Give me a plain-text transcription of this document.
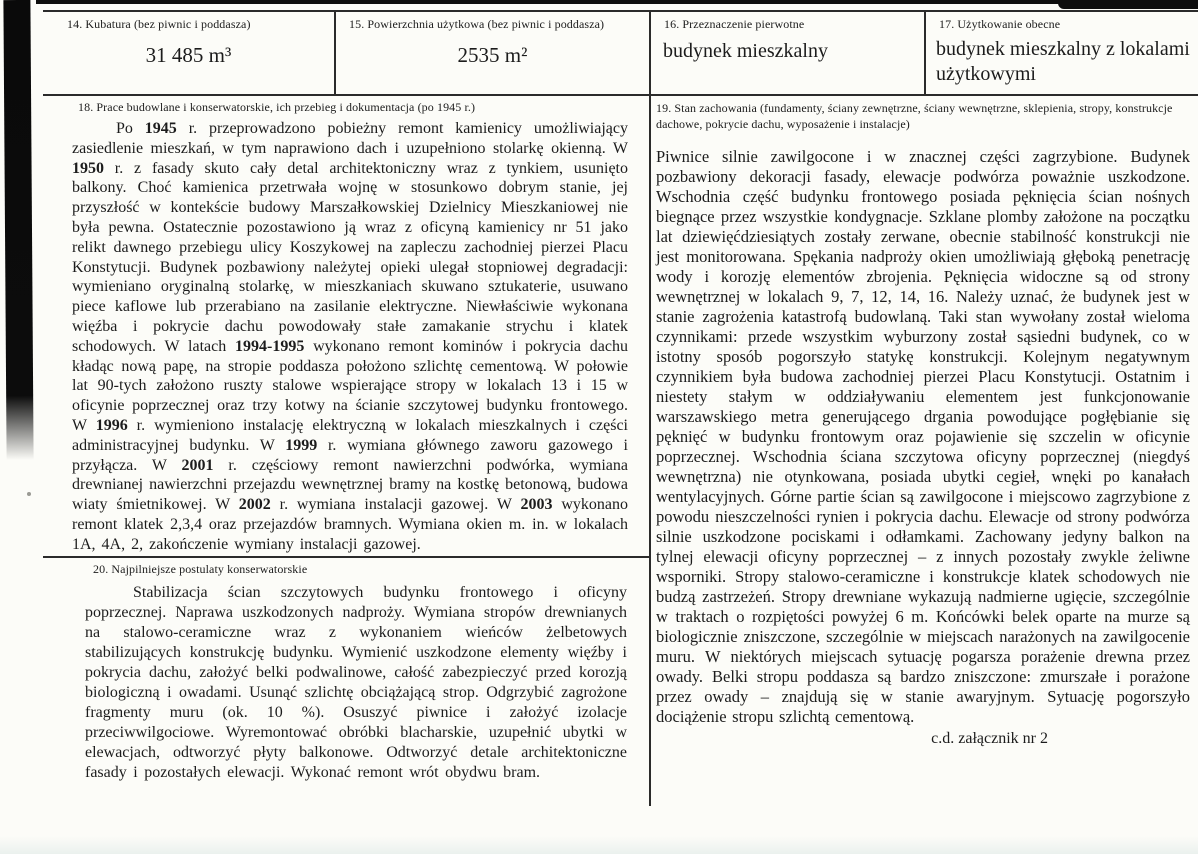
14. Kubatura (bez piwnic i poddasza)
31 485 m³
15. Powierzchnia użytkowa (bez piwnic i poddasza)
2535 m²
16. Przeznaczenie pierwotne
budynek mieszkalny
17. Użytkowanie obecne
budynek mieszkalny z lokalami użytkowymi
18. Prace budowlane i konserwatorskie, ich przebieg i dokumentacja (po 1945 r.)
Po 1945 r. przeprowadzono pobieżny remont kamienicy umożliwiający zasiedlenie mieszkań, w tym naprawiono dach i uzupełniono stolarkę okienną. W 1950 r. z fasady skuto cały detal architektoniczny wraz z tynkiem, usunięto balkony. Choć kamienica przetrwała wojnę w stosunkowo dobrym stanie, jej przyszłość w kontekście budowy Marszałkowskiej Dzielnicy Mieszkaniowej nie była pewna. Ostatecznie pozostawiono ją wraz z oficyną kamienicy nr 51 jako relikt dawnego przebiegu ulicy Koszykowej na zapleczu zachodniej pierzei Placu Konstytucji. Budynek pozbawiony należytej opieki ulegał stopniowej degradacji: wymieniano oryginalną stolarkę, w mieszkaniach skuwano sztukaterie, usuwano piece kaflowe lub przerabiano na zasilanie elektryczne. Niewłaściwie wykonana więźba i pokrycie dachu powodowały stałe zamakanie strychu i klatek schodowych. W latach 1994-1995 wykonano remont kominów i pokrycia dachu kładąc nową papę, na stropie poddasza położono szlichtę cementową. W połowie lat 90-tych założono ruszty stalowe wspierające stropy w lokalach 13 i 15 w oficynie poprzecznej oraz trzy kotwy na ścianie szczytowej budynku frontowego. W 1996 r. wymieniono instalację elektryczną w lokalach mieszkalnych i części administracyjnej budynku. W 1999 r. wymiana głównego zaworu gazowego i przyłącza. W 2001 r. częściowy remont nawierzchni podwórka, wymiana drewnianej nawierzchni przejazdu wewnętrznej bramy na kostkę betonową, budowa wiaty śmietnikowej. W 2002 r. wymiana instalacji gazowej. W 2003 wykonano remont klatek 2,3,4 oraz przejazdów bramnych. Wymiana okien m. in. w lokalach 1A, 4A, 2, zakończenie wymiany instalacji gazowej.
19. Stan zachowania (fundamenty, ściany zewnętrzne, ściany wewnętrzne, sklepienia, stropy, konstrukcje dachowe, pokrycie dachu, wyposażenie i instalacje)
Piwnice silnie zawilgocone i w znacznej części zagrzybione. Budynek pozbawiony dekoracji fasady, elewacje podwórza poważnie uszkodzone. Wschodnia część budynku frontowego posiada pęknięcia ścian nośnych biegnące przez wszystkie kondygnacje. Szklane plomby założone na początku lat dziewięćdziesiątych zostały zerwane, obecnie stabilność konstrukcji nie jest monitorowana. Spękania nadproży okien umożliwiają głęboką penetrację wody i korozję elementów zbrojenia. Pęknięcia widoczne są od strony wewnętrznej w lokalach 9, 7, 12, 14, 16. Należy uznać, że budynek jest w stanie zagrożenia katastrofą budowlaną. Taki stan wywołany został wieloma czynnikami: przede wszystkim wyburzony został sąsiedni budynek, co w istotny sposób pogorszyło statykę konstrukcji. Kolejnym negatywnym czynnikiem była budowa zachodniej pierzei Placu Konstytucji. Ostatnim i niestety stałym w oddziaływaniu elementem jest funkcjonowanie warszawskiego metra generującego drgania powodujące pogłębianie się pęknięć w budynku frontowym oraz pojawienie się szczelin w oficynie poprzecznej. Wschodnia ściana szczytowa oficyny poprzecznej (niegdyś wewnętrzna) nie otynkowana, posiada ubytki cegieł, wnęki po kanałach wentylacyjnych. Górne partie ścian są zawilgocone i miejscowo zagrzybione z powodu nieszczelności rynien i pokrycia dachu. Elewacje od strony podwórza silnie uszkodzone pociskami i odłamkami. Zachowany jedyny balkon na tylnej elewacji oficyny poprzecznej – z innych pozostały zwykle żeliwne wsporniki. Stropy stalowo-ceramiczne i konstrukcje klatek schodowych nie budzą zastrzeżeń. Stropy drewniane wykazują nadmierne ugięcie, szczególnie w traktach o rozpiętości powyżej 6 m. Końcówki belek oparte na murze są biologicznie zniszczone, szczególnie w miejscach narażonych na zawilgocenie muru. W niektórych miejscach sytuację pogarsza porażenie drewna przez owady. Belki stropu poddasza są bardzo zniszczone: zmurszałe i porażone przez owady – znajdują się w stanie awaryjnym. Sytuację pogorszyło dociążenie stropu szlichtą cementową.
c.d. załącznik nr 2
20. Najpilniejsze postulaty konserwatorskie
Stabilizacja ścian szczytowych budynku frontowego i oficyny poprzecznej. Naprawa uszkodzonych nadproży. Wymiana stropów drewnianych na stalowo-ceramiczne wraz z wykonaniem wieńców żelbetowych stabilizujących konstrukcję budynku. Wymienić uszkodzone elementy więźby i pokrycia dachu, założyć belki podwalinowe, całość zabezpieczyć przed korozją biologiczną i owadami. Usunąć szlichtę obciążającą strop. Odgrzybić zagrożone fragmenty muru (ok. 10 %). Osuszyć piwnice i założyć izolacje przeciwwilgociowe. Wyremontować obróbki blacharskie, uzupełnić ubytki w elewacjach, odtworzyć płyty balkonowe. Odtworzyć detale architektoniczne fasady i pozostałych elewacji. Wykonać remont wrót obydwu bram.
